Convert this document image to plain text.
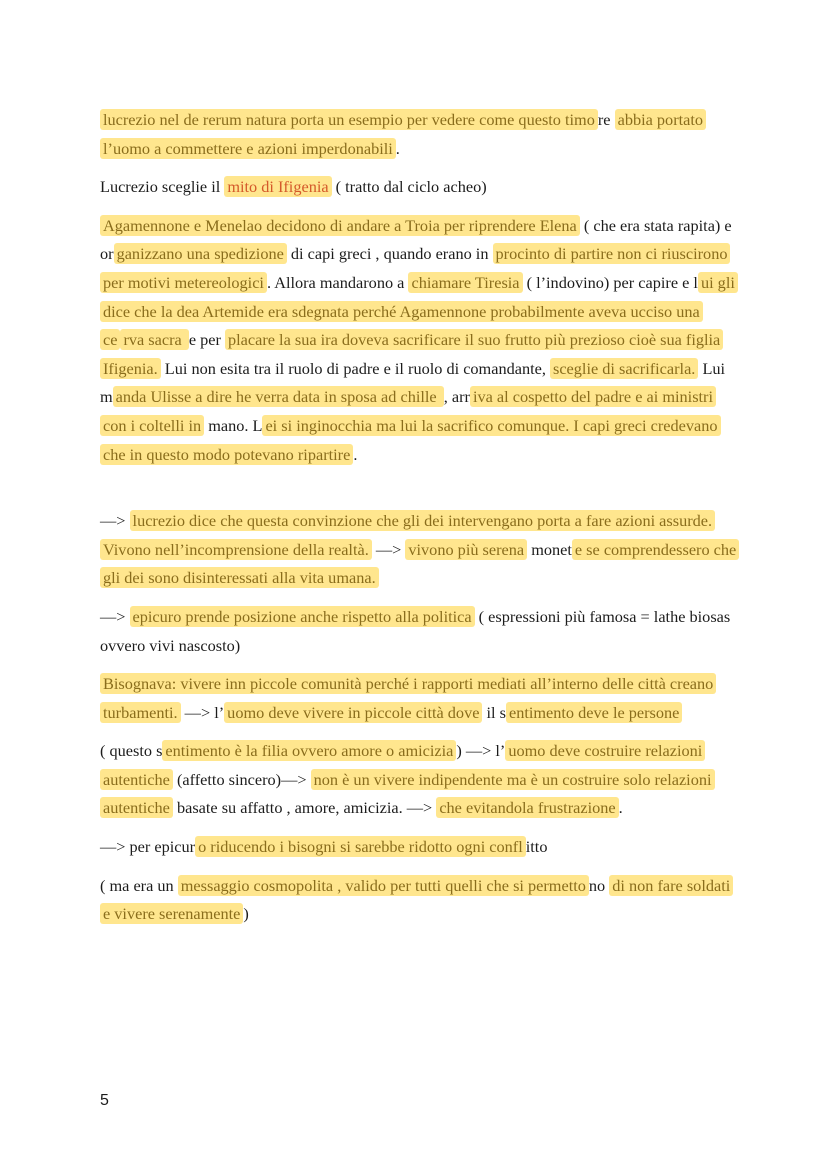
lucrezio nel de rerum natura porta un esempio per vedere come questo timo re abbia portato l’uomo a commettere e azioni imperdonabili .

Lucrezio sceglie il mito di Ifigenia ( tratto dal ciclo acheo)

Agamennone e Menelao decidono di andare a Troia per riprendere Elena ( che era stata rapita) e or ganizzano una spedizione di capi greci , quando erano in procinto di partire non ci riuscirono per motivi metereologici . Allora mandarono a chiamare Tiresia ( l’indovino) per capire e l ui gli dice che la dea Artemide era sdegnata perché Agamennone probabilmente aveva ucciso una ce rva sacra e per placare la sua ira doveva sacrificare il suo frutto più prezioso cioè sua figlia Ifigenia. Lui non esita tra il ruolo di padre e il ruolo di comandante, sceglie di sacrificarla. Lui m anda Ulisse a dire he verra data in sposa ad chille , arr iva al cospetto del padre e ai ministri con i coltelli in mano. L ei si inginocchia ma lui la sacrifico comunque. I capi greci credevano che in questo modo potevano ripartire .

—> lucrezio dice che questa convinzione che gli dei intervengano porta a fare azioni assurde. Vivono nell’incomprensione della realtà. —> vivono più serena monet e se comprendessero che gli dei sono disinteressati alla vita umana.

—> epicuro prende posizione anche rispetto alla politica ( espressioni più famosa = lathe biosas ovvero vivi nascosto)

Bisognava: vivere inn piccole comunità perché i rapporti mediati all’interno delle città creano turbamenti. —> l’ uomo deve vivere in piccole città dove il s entimento deve le persone

( questo s entimento è la filia ovvero amore o amicizia ) —> l’ uomo deve costruire relazioni autentiche (affetto sincero)—> non è un vivere indipendente ma è un costruire solo relazioni autentiche basate su affatto , amore, amicizia. —> che evitandola frustrazione .

—> per epicur o riducendo i bisogni si sarebbe ridotto ogni confl itto

( ma era un messaggio cosmopolita , valido per tutti quelli che si permetto no di non fare soldati e vivere serenamente )

5
